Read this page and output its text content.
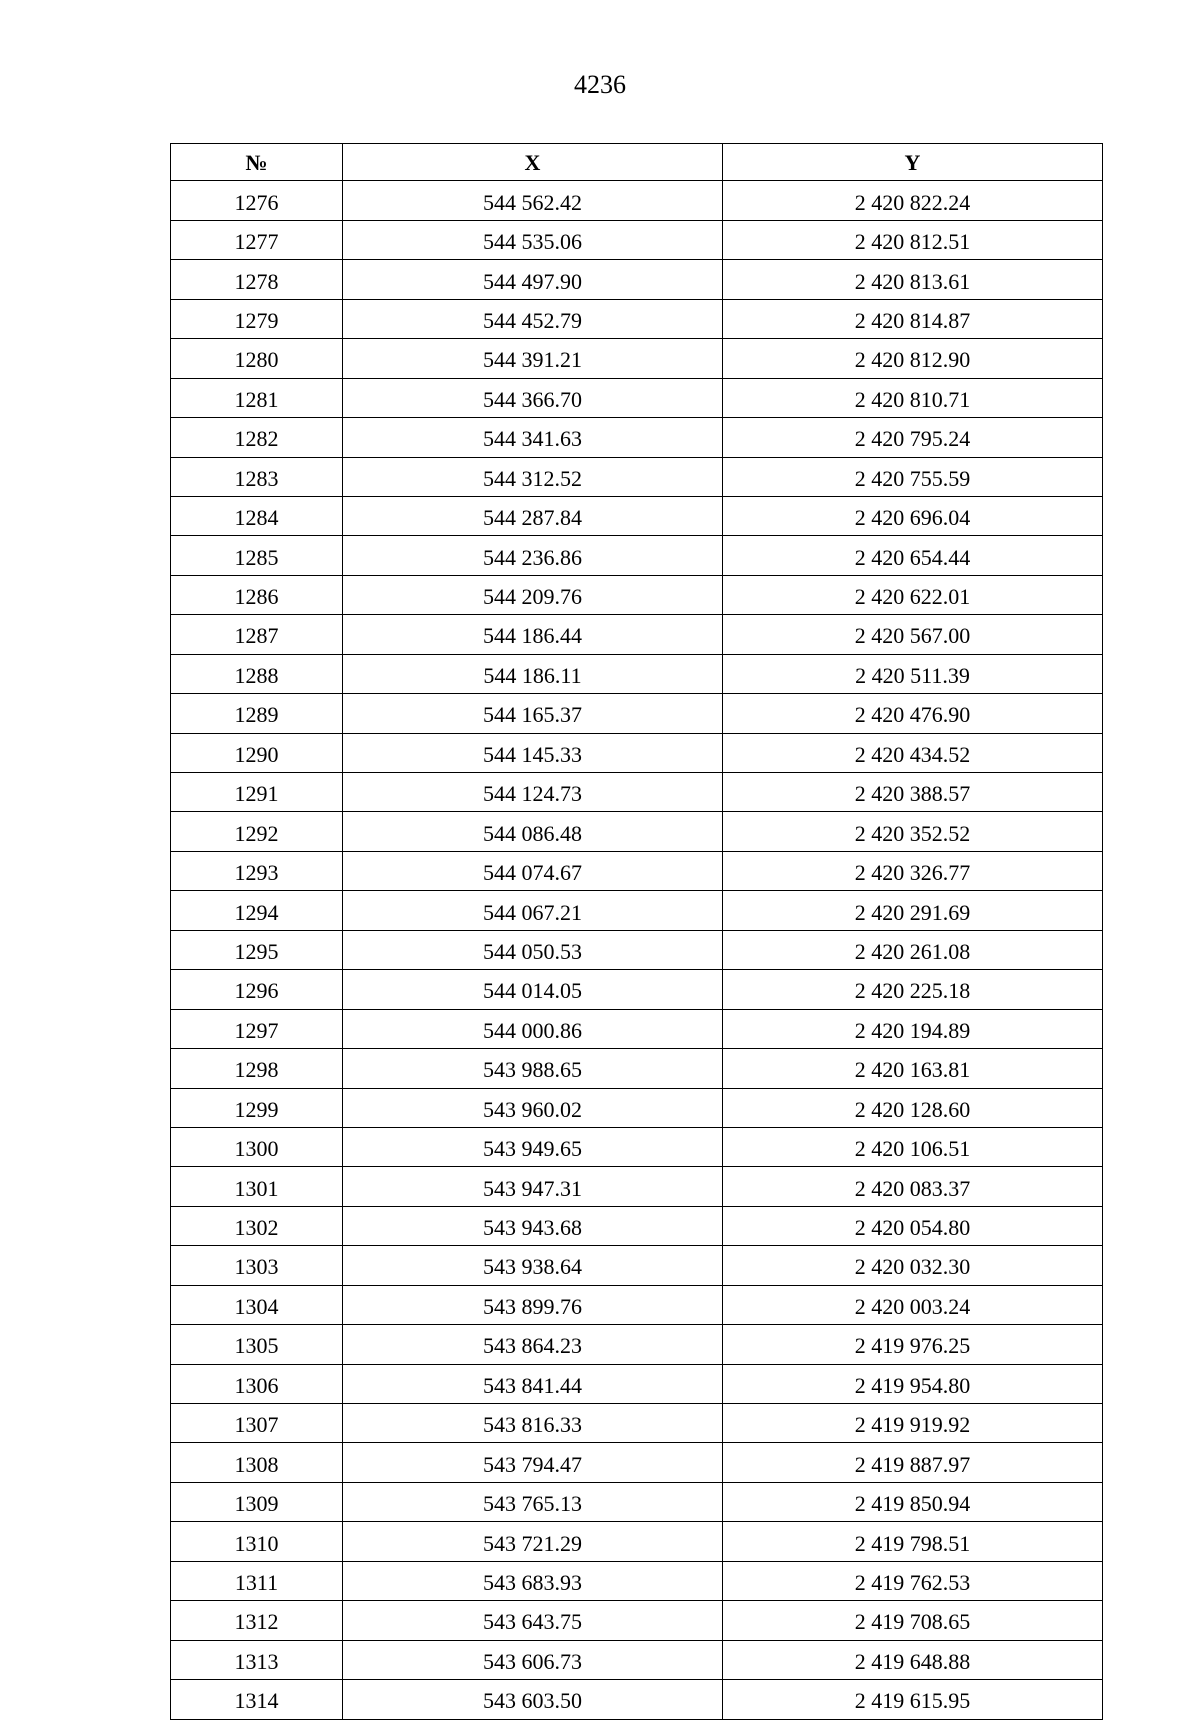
4236
№	X	Y
1276	544 562.42	2 420 822.24
1277	544 535.06	2 420 812.51
1278	544 497.90	2 420 813.61
1279	544 452.79	2 420 814.87
1280	544 391.21	2 420 812.90
1281	544 366.70	2 420 810.71
1282	544 341.63	2 420 795.24
1283	544 312.52	2 420 755.59
1284	544 287.84	2 420 696.04
1285	544 236.86	2 420 654.44
1286	544 209.76	2 420 622.01
1287	544 186.44	2 420 567.00
1288	544 186.11	2 420 511.39
1289	544 165.37	2 420 476.90
1290	544 145.33	2 420 434.52
1291	544 124.73	2 420 388.57
1292	544 086.48	2 420 352.52
1293	544 074.67	2 420 326.77
1294	544 067.21	2 420 291.69
1295	544 050.53	2 420 261.08
1296	544 014.05	2 420 225.18
1297	544 000.86	2 420 194.89
1298	543 988.65	2 420 163.81
1299	543 960.02	2 420 128.60
1300	543 949.65	2 420 106.51
1301	543 947.31	2 420 083.37
1302	543 943.68	2 420 054.80
1303	543 938.64	2 420 032.30
1304	543 899.76	2 420 003.24
1305	543 864.23	2 419 976.25
1306	543 841.44	2 419 954.80
1307	543 816.33	2 419 919.92
1308	543 794.47	2 419 887.97
1309	543 765.13	2 419 850.94
1310	543 721.29	2 419 798.51
1311	543 683.93	2 419 762.53
1312	543 643.75	2 419 708.65
1313	543 606.73	2 419 648.88
1314	543 603.50	2 419 615.95
